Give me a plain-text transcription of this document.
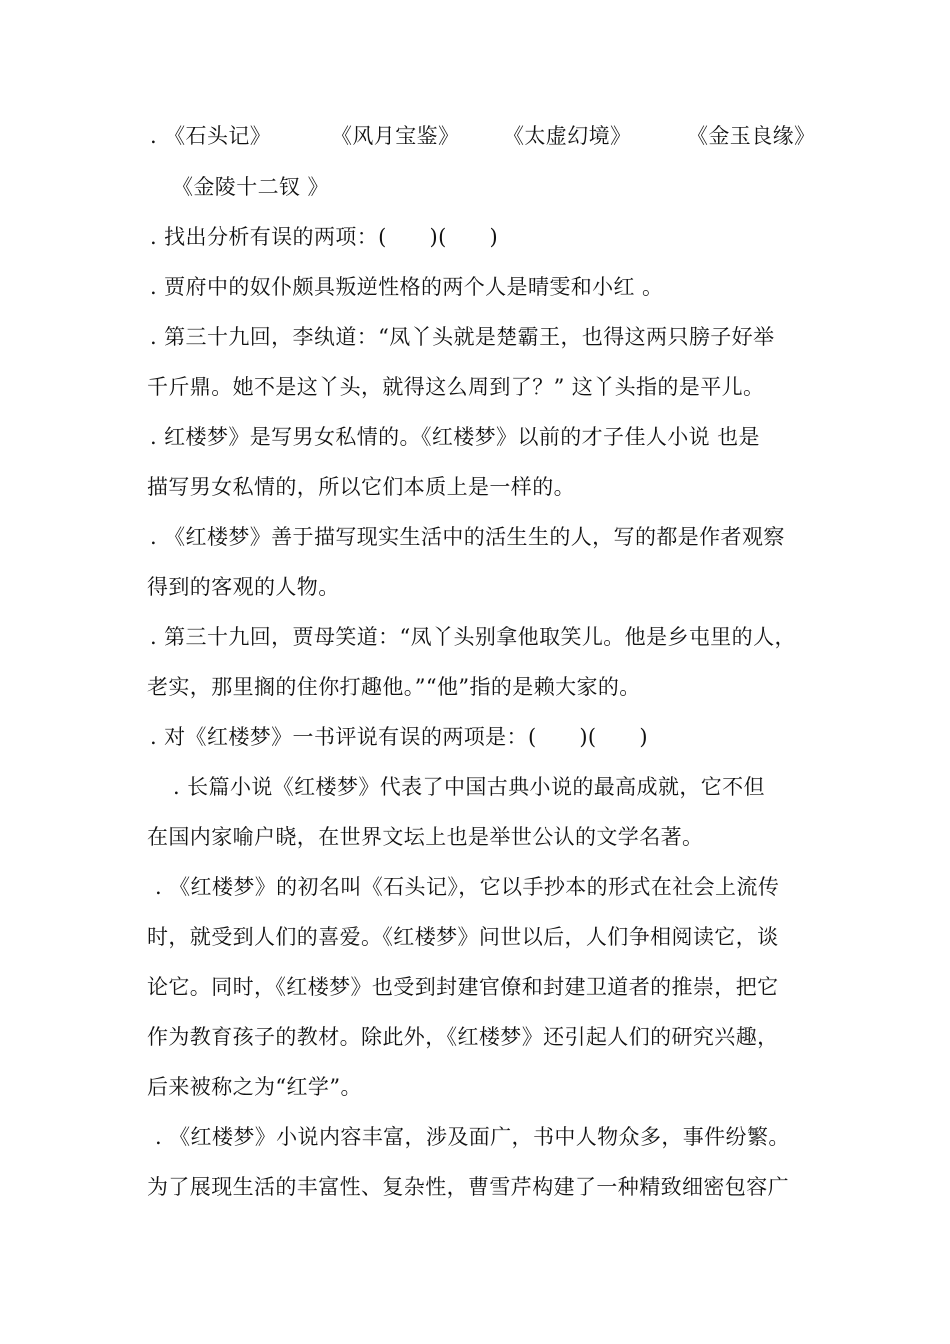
. 《石头记》

	《风月宝鉴》

《太虚幻境》

	《金玉良缘》

《金陵十二钗 》
. 找出分析有误的两项：(　　)(　　)
. 贾府中的奴仆颇具叛逆性格的两个人是晴雯和小红 。
. 第三十九回，李纨道：“凤丫头就是楚霸王，也得这两只膀子好举
千斤鼎。她不是这丫头，就得这么周到了？” 这丫头指的是平儿。
. 红楼梦》是写男女私情的。《红楼梦》以前的才子佳人小说 也是
描写男女私情的，所以它们本质上是一样的。
. 《红楼梦》善于描写现实生活中的活生生的人，写的都是作者观察
得到的客观的人物。
. 第三十九回，贾母笑道：“凤丫头别拿他取笑儿。他是乡屯里的人，
老实，那里搁的住你打趣他。”“他”指的是赖大家的。
. 对《红楼梦》一书评说有误的两项是：(　　)(　　)
. 长篇小说《红楼梦》代表了中国古典小说的最高成就，它不但
在国内家喻户晓，在世界文坛上也是举世公认的文学名著。
. 《红楼梦》的初名叫《石头记》，它以手抄本的形式在社会上流传
时，就受到人们的喜爱。《红楼梦》问世以后，人们争相阅读它，谈
论它。同时，《红楼梦》也受到封建官僚和封建卫道者的推崇，把它
作为教育孩子的教材。除此外，《红楼梦》还引起人们的研究兴趣，
后来被称之为“红学”。
. 《红楼梦》小说内容丰富，涉及面广，书中人物众多，事件纷繁。
为了展现生活的丰富性、复杂性，曹雪芹构建了一种精致细密包容广
